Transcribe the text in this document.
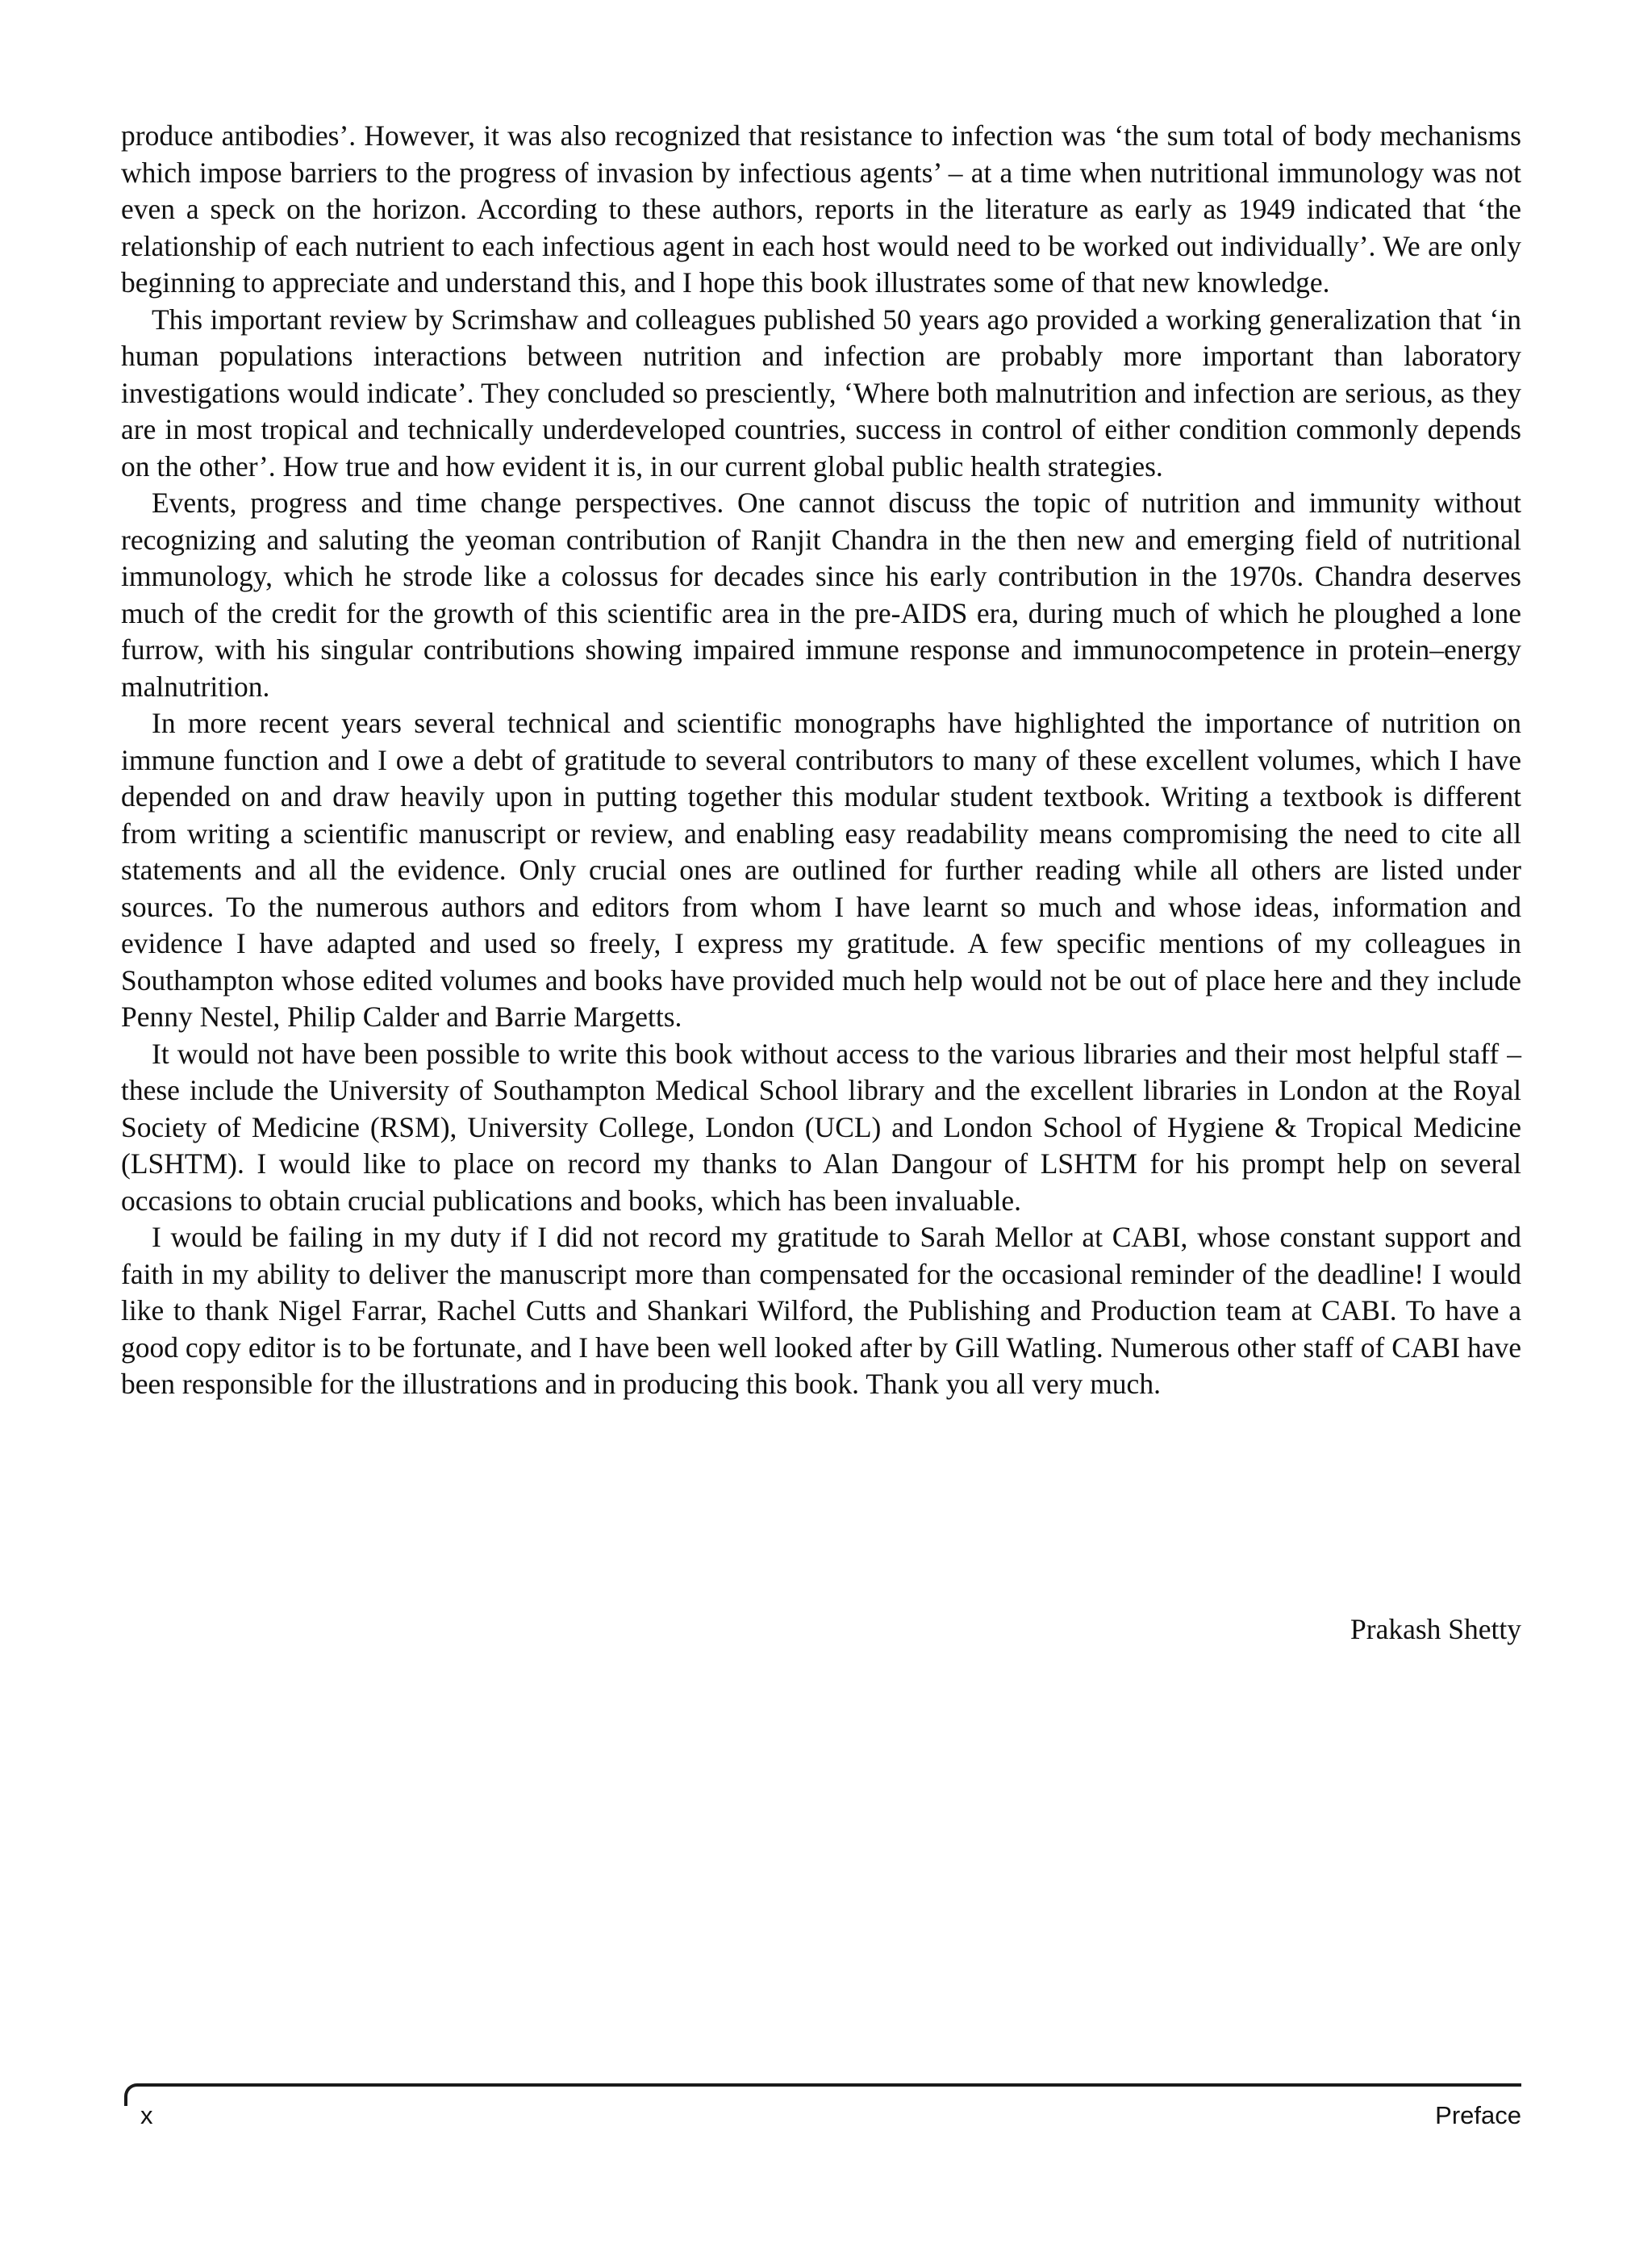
produce antibodies’. However, it was also recognized that resistance to infection was ‘the sum total of body mechanisms which impose barriers to the progress of invasion by infectious agents’ – at a time when nutritional immunology was not even a speck on the horizon. According to these authors, reports in the literature as early as 1949 indicated that ‘the relationship of each nutrient to each infectious agent in each host would need to be worked out individually’. We are only beginning to appreciate and understand this, and I hope this book illustrates some of that new knowledge.

This important review by Scrimshaw and colleagues published 50 years ago provided a working generalization that ‘in human populations interactions between nutrition and infection are probably more important than laboratory investigations would indicate’. They concluded so presciently, ‘Where both malnutrition and infection are serious, as they are in most tropical and technically underdeveloped countries, success in control of either condition commonly depends on the other’. How true and how evident it is, in our current global public health strategies.

Events, progress and time change perspectives. One cannot discuss the topic of nutrition and immunity without recognizing and saluting the yeoman contribution of Ranjit Chandra in the then new and emerging field of nutritional immunology, which he strode like a colossus for decades since his early contribution in the 1970s. Chandra deserves much of the credit for the growth of this scientific area in the pre-AIDS era, during much of which he ploughed a lone furrow, with his singular contributions showing impaired immune response and immunocompetence in protein–energy malnutrition.

In more recent years several technical and scientific monographs have highlighted the importance of nutrition on immune function and I owe a debt of gratitude to several contributors to many of these excellent volumes, which I have depended on and draw heavily upon in putting together this modular student textbook. Writing a textbook is different from writing a scientific manuscript or review, and enabling easy readability means compromising the need to cite all statements and all the evidence. Only crucial ones are outlined for further reading while all others are listed under sources. To the numerous authors and editors from whom I have learnt so much and whose ideas, information and evidence I have adapted and used so freely, I express my gratitude. A few specific mentions of my colleagues in Southampton whose edited volumes and books have provided much help would not be out of place here and they include Penny Nestel, Philip Calder and Barrie Margetts.

It would not have been possible to write this book without access to the various libraries and their most helpful staff – these include the University of Southampton Medical School library and the excellent libraries in London at the Royal Society of Medicine (RSM), University College, London (UCL) and London School of Hygiene & Tropical Medicine (LSHTM). I would like to place on record my thanks to Alan Dangour of LSHTM for his prompt help on several occasions to obtain crucial publications and books, which has been invaluable.

I would be failing in my duty if I did not record my gratitude to Sarah Mellor at CABI, whose constant support and faith in my ability to deliver the manuscript more than compensated for the occasional reminder of the deadline! I would like to thank Nigel Farrar, Rachel Cutts and Shankari Wilford, the Publishing and Production team at CABI. To have a good copy editor is to be fortunate, and I have been well looked after by Gill Watling. Numerous other staff of CABI have been responsible for the illustrations and in producing this book. Thank you all very much.

Prakash Shetty
x	Preface
